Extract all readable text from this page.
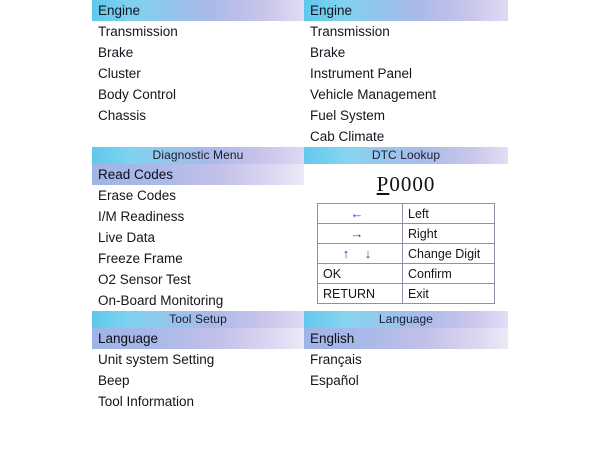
Engine
Transmission
Brake
Cluster
Body Control
Chassis
Engine
Transmission
Brake
Instrument Panel
Vehicle Management
Fuel System
Cab Climate
Diagnostic Menu
Read Codes
Erase Codes
I/M Readiness
Live Data
Freeze Frame
O2 Sensor Test
On-Board Monitoring
DTC Lookup
P0000
←	Left
→	Right
↑ ↓	Change Digit
OK	Confirm
RETURN	Exit
Tool Setup
Language
Unit system Setting
Beep
Tool Information
Language
English
Français
Español
